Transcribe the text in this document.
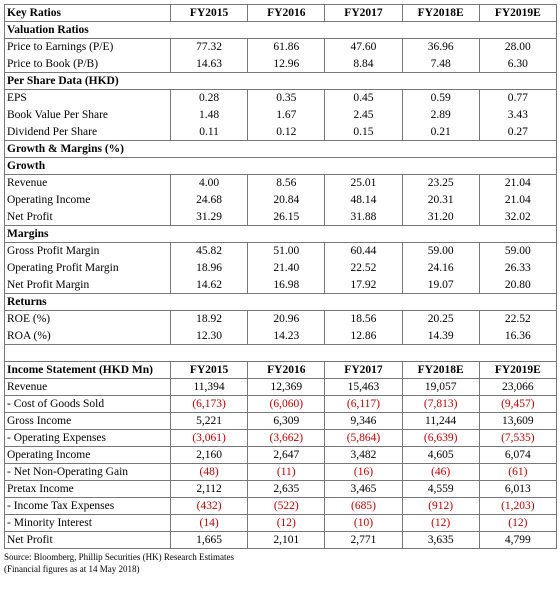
Key Ratios	FY2015	FY2016	FY2017	FY2018E	FY2019E
Valuation Ratios					
Price to Earnings (P/E)	77.32	61.86	47.60	36.96	28.00
Price to Book (P/B)	14.63	12.96	8.84	7.48	6.30
Per Share Data (HKD)					
EPS	0.28	0.35	0.45	0.59	0.77
Book Value Per Share	1.48	1.67	2.45	2.89	3.43
Dividend Per Share	0.11	0.12	0.15	0.21	0.27
Growth & Margins (%)					
Growth					
Revenue	4.00	8.56	25.01	23.25	21.04
Operating Income	24.68	20.84	48.14	20.31	21.04
Net Profit	31.29	26.15	31.88	31.20	32.02
Margins					
Gross Profit Margin	45.82	51.00	60.44	59.00	59.00
Operating Profit Margin	18.96	21.40	22.52	24.16	26.33
Net Profit Margin	14.62	16.98	17.92	19.07	20.80
Returns					
ROE (%)	18.92	20.96	18.56	20.25	22.52
ROA (%)	12.30	14.23	12.86	14.39	16.36

Income Statement (HKD Mn)	FY2015	FY2016	FY2017	FY2018E	FY2019E
Revenue	11,394	12,369	15,463	19,057	23,066
- Cost of Goods Sold	(6,173)	(6,060)	(6,117)	(7,813)	(9,457)
Gross Income	5,221	6,309	9,346	11,244	13,609
- Operating Expenses	(3,061)	(3,662)	(5,864)	(6,639)	(7,535)
Operating Income	2,160	2,647	3,482	4,605	6,074
- Net Non-Operating Gain	(48)	(11)	(16)	(46)	(61)
Pretax Income	2,112	2,635	3,465	4,559	6,013
- Income Tax Expenses	(432)	(522)	(685)	(912)	(1,203)
- Minority Interest	(14)	(12)	(10)	(12)	(12)
Net Profit	1,665	2,101	2,771	3,635	4,799
Source: Bloomberg, Phillip Securities (HK) Research Estimates
(Financial figures as at 14 May 2018)
